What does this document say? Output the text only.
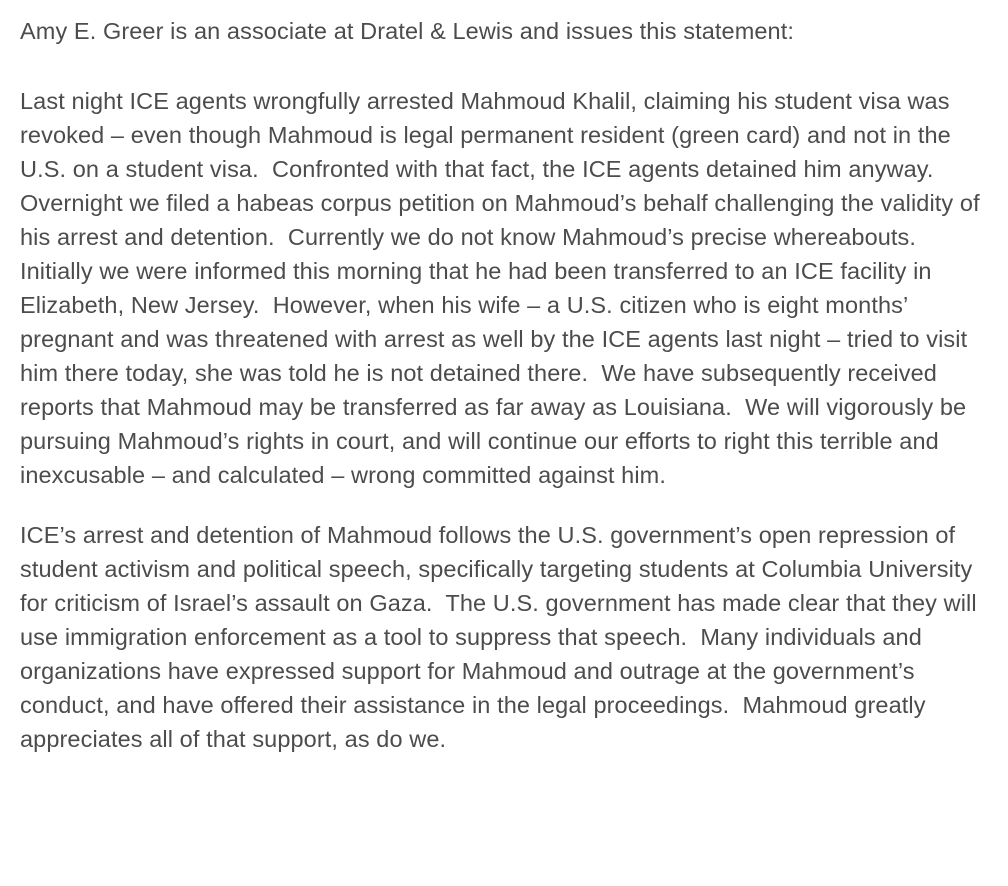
Amy E. Greer is an associate at Dratel & Lewis and issues this statement:

Last night ICE agents wrongfully arrested Mahmoud Khalil, claiming his student visa was revoked – even though Mahmoud is legal permanent resident (green card) and not in the U.S. on a student visa.  Confronted with that fact, the ICE agents detained him anyway.  Overnight we filed a habeas corpus petition on Mahmoud’s behalf challenging the validity of his arrest and detention.  Currently we do not know Mahmoud’s precise whereabouts.  Initially we were informed this morning that he had been transferred to an ICE facility in Elizabeth, New Jersey.  However, when his wife – a U.S. citizen who is eight months’ pregnant and was threatened with arrest as well by the ICE agents last night – tried to visit him there today, she was told he is not detained there.  We have subsequently received reports that Mahmoud may be transferred as far away as Louisiana.  We will vigorously be pursuing Mahmoud’s rights in court, and will continue our efforts to right this terrible and inexcusable – and calculated – wrong committed against him.

ICE’s arrest and detention of Mahmoud follows the U.S. government’s open repression of student activism and political speech, specifically targeting students at Columbia University for criticism of Israel’s assault on Gaza.  The U.S. government has made clear that they will use immigration enforcement as a tool to suppress that speech.  Many individuals and organizations have expressed support for Mahmoud and outrage at the government’s conduct, and have offered their assistance in the legal proceedings.  Mahmoud greatly appreciates all of that support, as do we.
